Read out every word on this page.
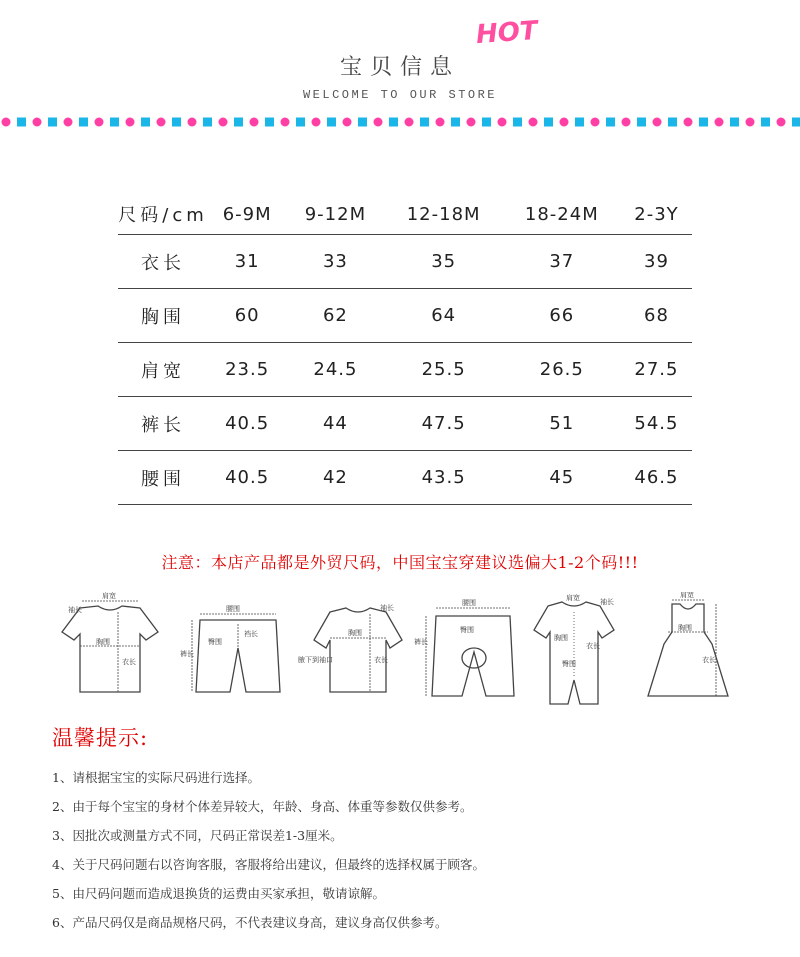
宝贝信息
HOT
WELCOME TO OUR STORE
尺码/cm	6-9M	9-12M	12-18M	18-24M	2-3Y
衣长	31	33	35	37	39
胸围	60	62	64	66	68
肩宽	23.5	24.5	25.5	26.5	27.5
裤长	40.5	44	47.5	51	54.5
腰围	40.5	42	43.5	45	46.5
注意：本店产品都是外贸尺码，中国宝宝穿建议选偏大1-2个码!!!
肩宽
袖长
胸围
衣长
腰围
裤长
臀围
裆长
袖长
胸围
衣长
腋下到袖口
腰围
裤长
臀围
肩宽	袖长
胸围
衣长
臀围
肩宽
胸围
衣长
温馨提示:
1、请根据宝宝的实际尺码进行选择。
2、由于每个宝宝的身材个体差异较大，年龄、身高、体重等参数仅供参考。
3、因批次或测量方式不同，尺码正常误差1-3厘米。
4、关于尺码问题右以咨询客服，客服将给出建议，但最终的选择权属于顾客。
5、由尺码问题而造成退换货的运费由买家承担，敬请谅解。
6、产品尺码仅是商品规格尺码，不代表建议身高，建议身高仅供参考。
